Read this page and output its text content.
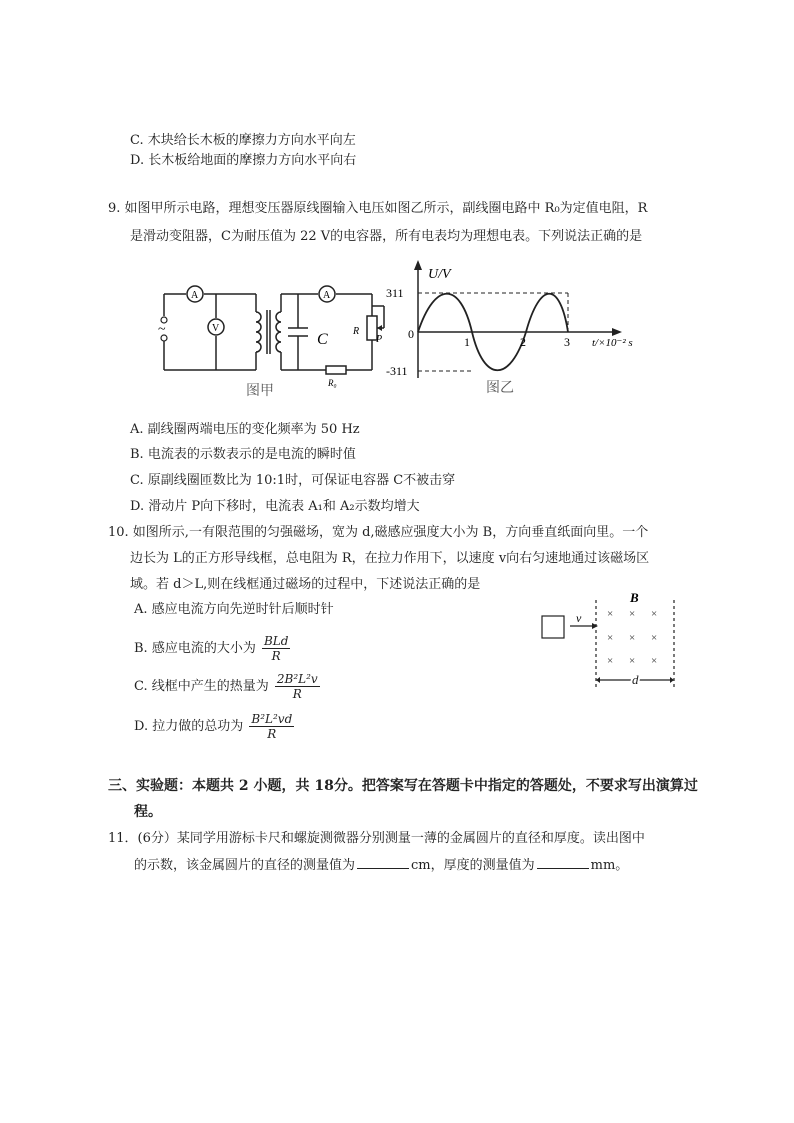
C. 木块给长木板的摩擦力方向水平向左
D. 长木板给地面的摩擦力方向水平向右
9. 如图甲所示电路，理想变压器原线圈输入电压如图乙所示，副线圈电路中 R₀为定值电阻，R
是滑动变阻器，C为耐压值为 22 V的电容器，所有电表均为理想电表。下列说法正确的是
~
A
V
A
C	R
P
R₀
图甲
U/V
311
0
-311
1	2	3 t/×10⁻² s
图乙
A. 副线圈两端电压的变化频率为 50 Hz
B. 电流表的示数表示的是电流的瞬时值
C. 原副线圈匝数比为 10:1时，可保证电容器 C不被击穿
D. 滑动片 P向下移时，电流表 A₁和 A₂示数均增大
10. 如图所示,一有限范围的匀强磁场，宽为 d,磁感应强度大小为 B，方向垂直纸面向里。一个
边长为 L的正方形导线框，总电阻为 R，在拉力作用下，以速度 v向右匀速地通过该磁场区
域。若 d＞L,则在线框通过磁场的过程中，下述说法正确的是
A. 感应电流方向先逆时针后顺时针
B. 感应电流的大小为 $\frac{\text{BLd}}{R}$
C. 线框中产生的热量为 $\frac{\text{2B²L²v}}{R}$
D. 拉力做的总功为 $\frac{\text{B²L²vd}}{R}$
v
B
d
× × ×
× × ×
× × ×
三、实验题：本题共 2 小题，共 18分。把答案写在答题卡中指定的答题处，不要求写出演算过
程。
11．(6分）某同学用游标卡尺和螺旋测微器分别测量一薄的金属圆片的直径和厚度。读出图中
的示数，该金属圆片的直径的测量值为	cm，厚度的测量值为	mm。
